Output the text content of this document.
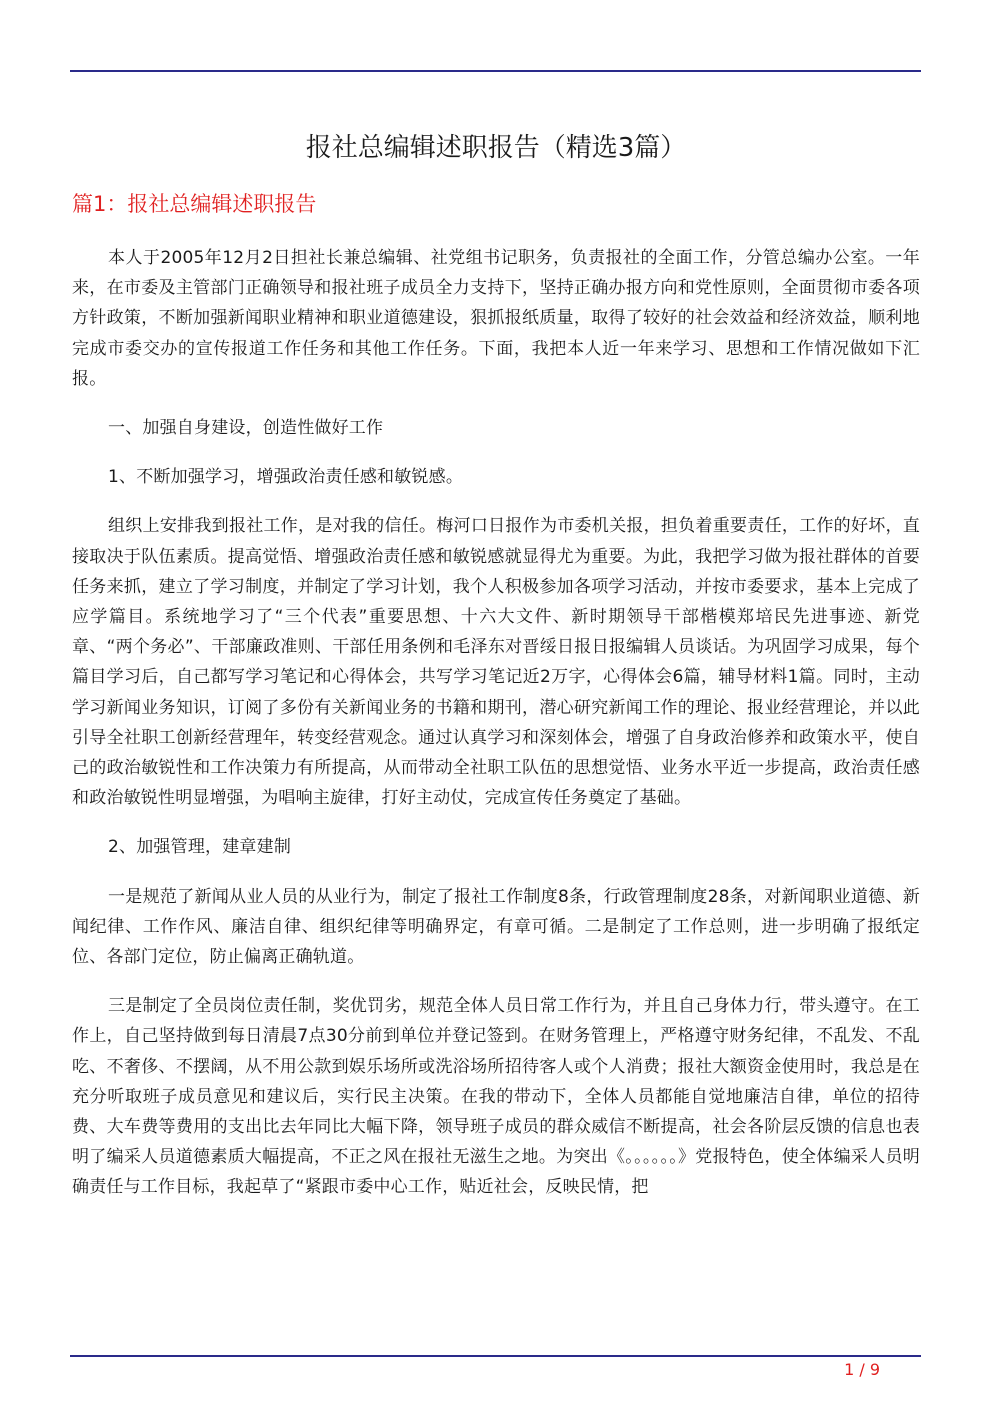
报社总编辑述职报告（精选3篇）
篇1：报社总编辑述职报告

本人于2005年12月2日担社长兼总编辑、社党组书记职务，负责报社的全面工作，分管总编办公室。一年来，在市委及主管部门正确领导和报社班子成员全力支持下，坚持正确办报方向和党性原则，全面贯彻市委各项方针政策，不断加强新闻职业精神和职业道德建设，狠抓报纸质量，取得了较好的社会效益和经济效益，顺利地完成市委交办的宣传报道工作任务和其他工作任务。下面，我把本人近一年来学习、思想和工作情况做如下汇报。

一、加强自身建设，创造性做好工作

1、不断加强学习，增强政治责任感和敏锐感。

组织上安排我到报社工作，是对我的信任。梅河口日报作为市委机关报，担负着重要责任，工作的好坏，直接取决于队伍素质。提高觉悟、增强政治责任感和敏锐感就显得尤为重要。为此，我把学习做为报社群体的首要任务来抓，建立了学习制度，并制定了学习计划，我个人积极参加各项学习活动，并按市委要求，基本上完成了应学篇目。系统地学习了“三个代表”重要思想、十六大文件、新时期领导干部楷模郑培民先进事迹、新党章、“两个务必”、干部廉政准则、干部任用条例和毛泽东对晋绥日报日报编辑人员谈话。为巩固学习成果，每个篇目学习后，自己都写学习笔记和心得体会，共写学习笔记近2万字，心得体会6篇，辅导材料1篇。同时，主动学习新闻业务知识，订阅了多份有关新闻业务的书籍和期刊，潜心研究新闻工作的理论、报业经营理论，并以此引导全社职工创新经营理年，转变经营观念。通过认真学习和深刻体会，增强了自身政治修养和政策水平，使自己的政治敏锐性和工作决策力有所提高，从而带动全社职工队伍的思想觉悟、业务水平近一步提高，政治责任感和政治敏锐性明显增强，为唱响主旋律，打好主动仗，完成宣传任务奠定了基础。

2、加强管理，建章建制

一是规范了新闻从业人员的从业行为，制定了报社工作制度8条，行政管理制度28条，对新闻职业道德、新闻纪律、工作作风、廉洁自律、组织纪律等明确界定，有章可循。二是制定了工作总则，进一步明确了报纸定位、各部门定位，防止偏离正确轨道。

三是制定了全员岗位责任制，奖优罚劣，规范全体人员日常工作行为，并且自己身体力行，带头遵守。在工作上，自己坚持做到每日清晨7点30分前到单位并登记签到。在财务管理上，严格遵守财务纪律，不乱发、不乱吃、不奢侈、不摆阔，从不用公款到娱乐场所或洗浴场所招待客人或个人消费；报社大额资金使用时，我总是在充分听取班子成员意见和建议后，实行民主决策。在我的带动下，全体人员都能自觉地廉洁自律，单位的招待费、大车费等费用的支出比去年同比大幅下降，领导班子成员的群众威信不断提高，社会各阶层反馈的信息也表明了编采人员道德素质大幅提高，不正之风在报社无滋生之地。为突出《。。。。。。》党报特色，使全体编采人员明确责任与工作目标，我起草了“紧跟市委中心工作，贴近社会，反映民情，把

1 / 9
